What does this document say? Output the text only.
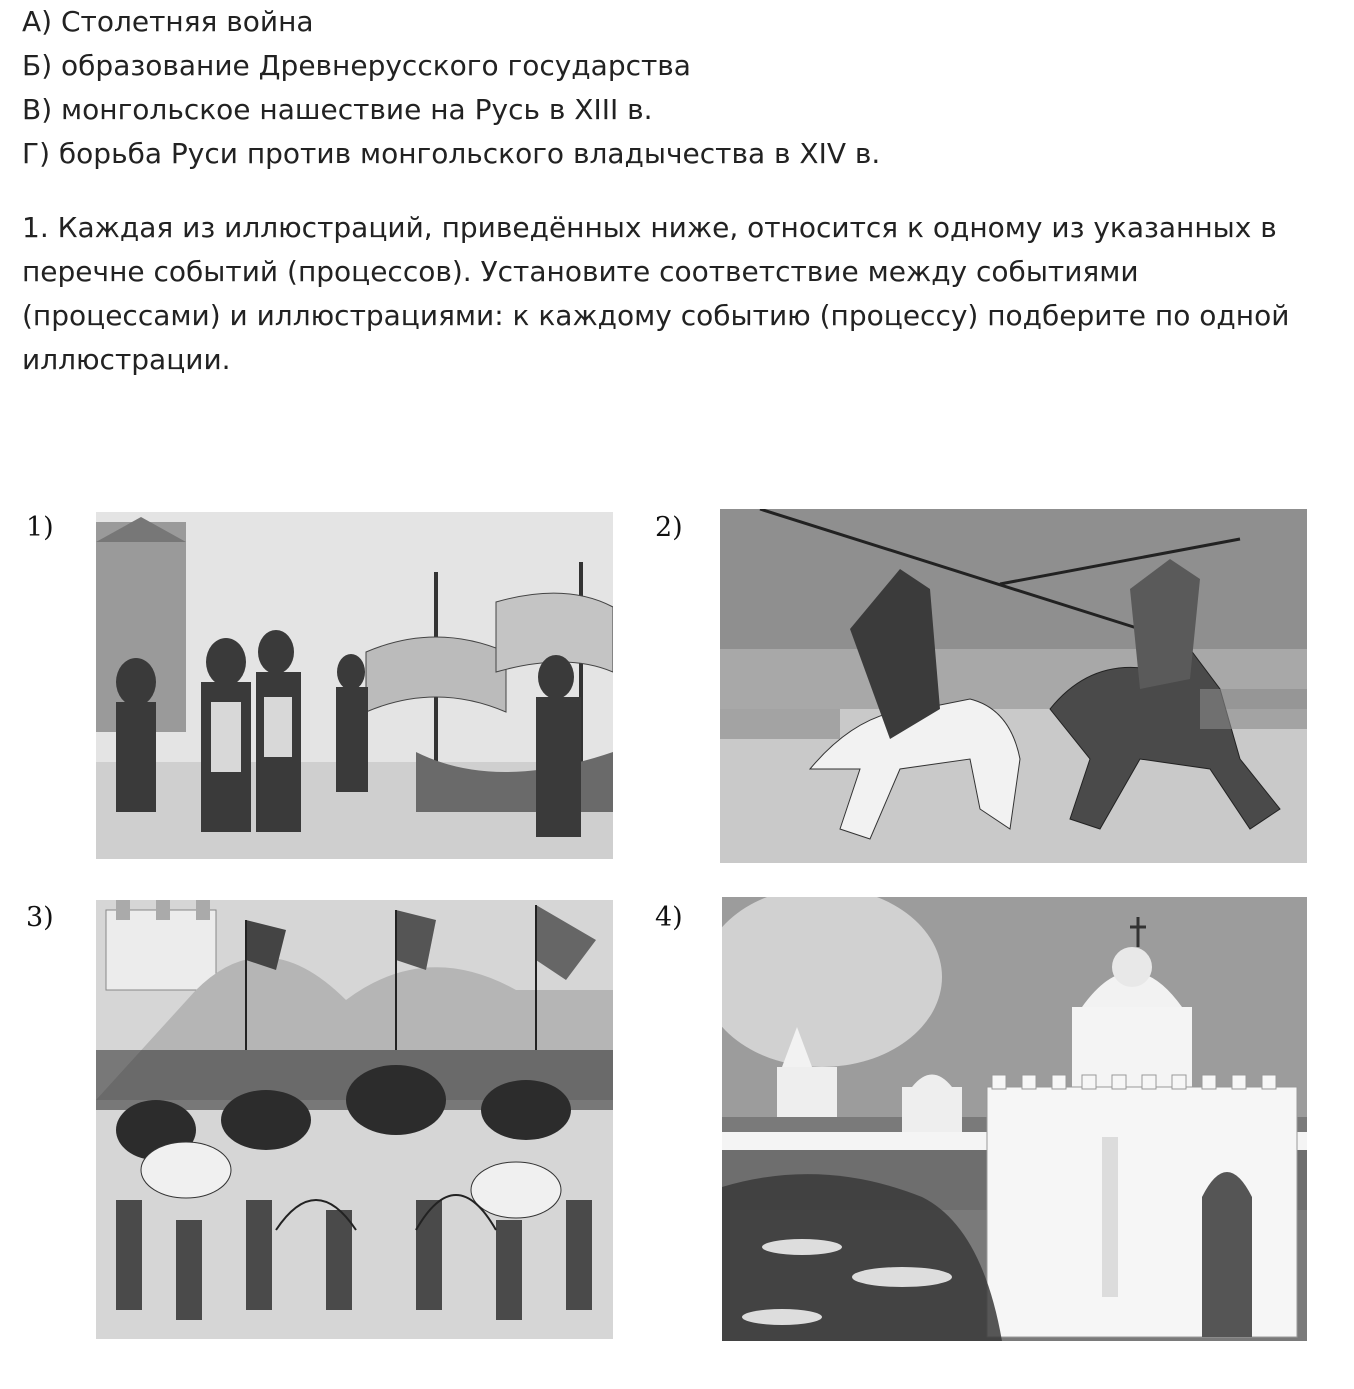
А) Столетняя война
Б) образование Древнерусского государства
В) монгольское нашествие на Русь в XIII в.
Г) борьба Руси против монгольского владычества в XIV в.
1. Каждая из иллюстраций, приведённых ниже, относится к одному из указанных в перечне событий (процессов). Установите соответствие между событиями (процессами) и иллюстрациями: к каждому событию (процессу) подберите по одной иллюстрации.
1)	2)
3)	4)
